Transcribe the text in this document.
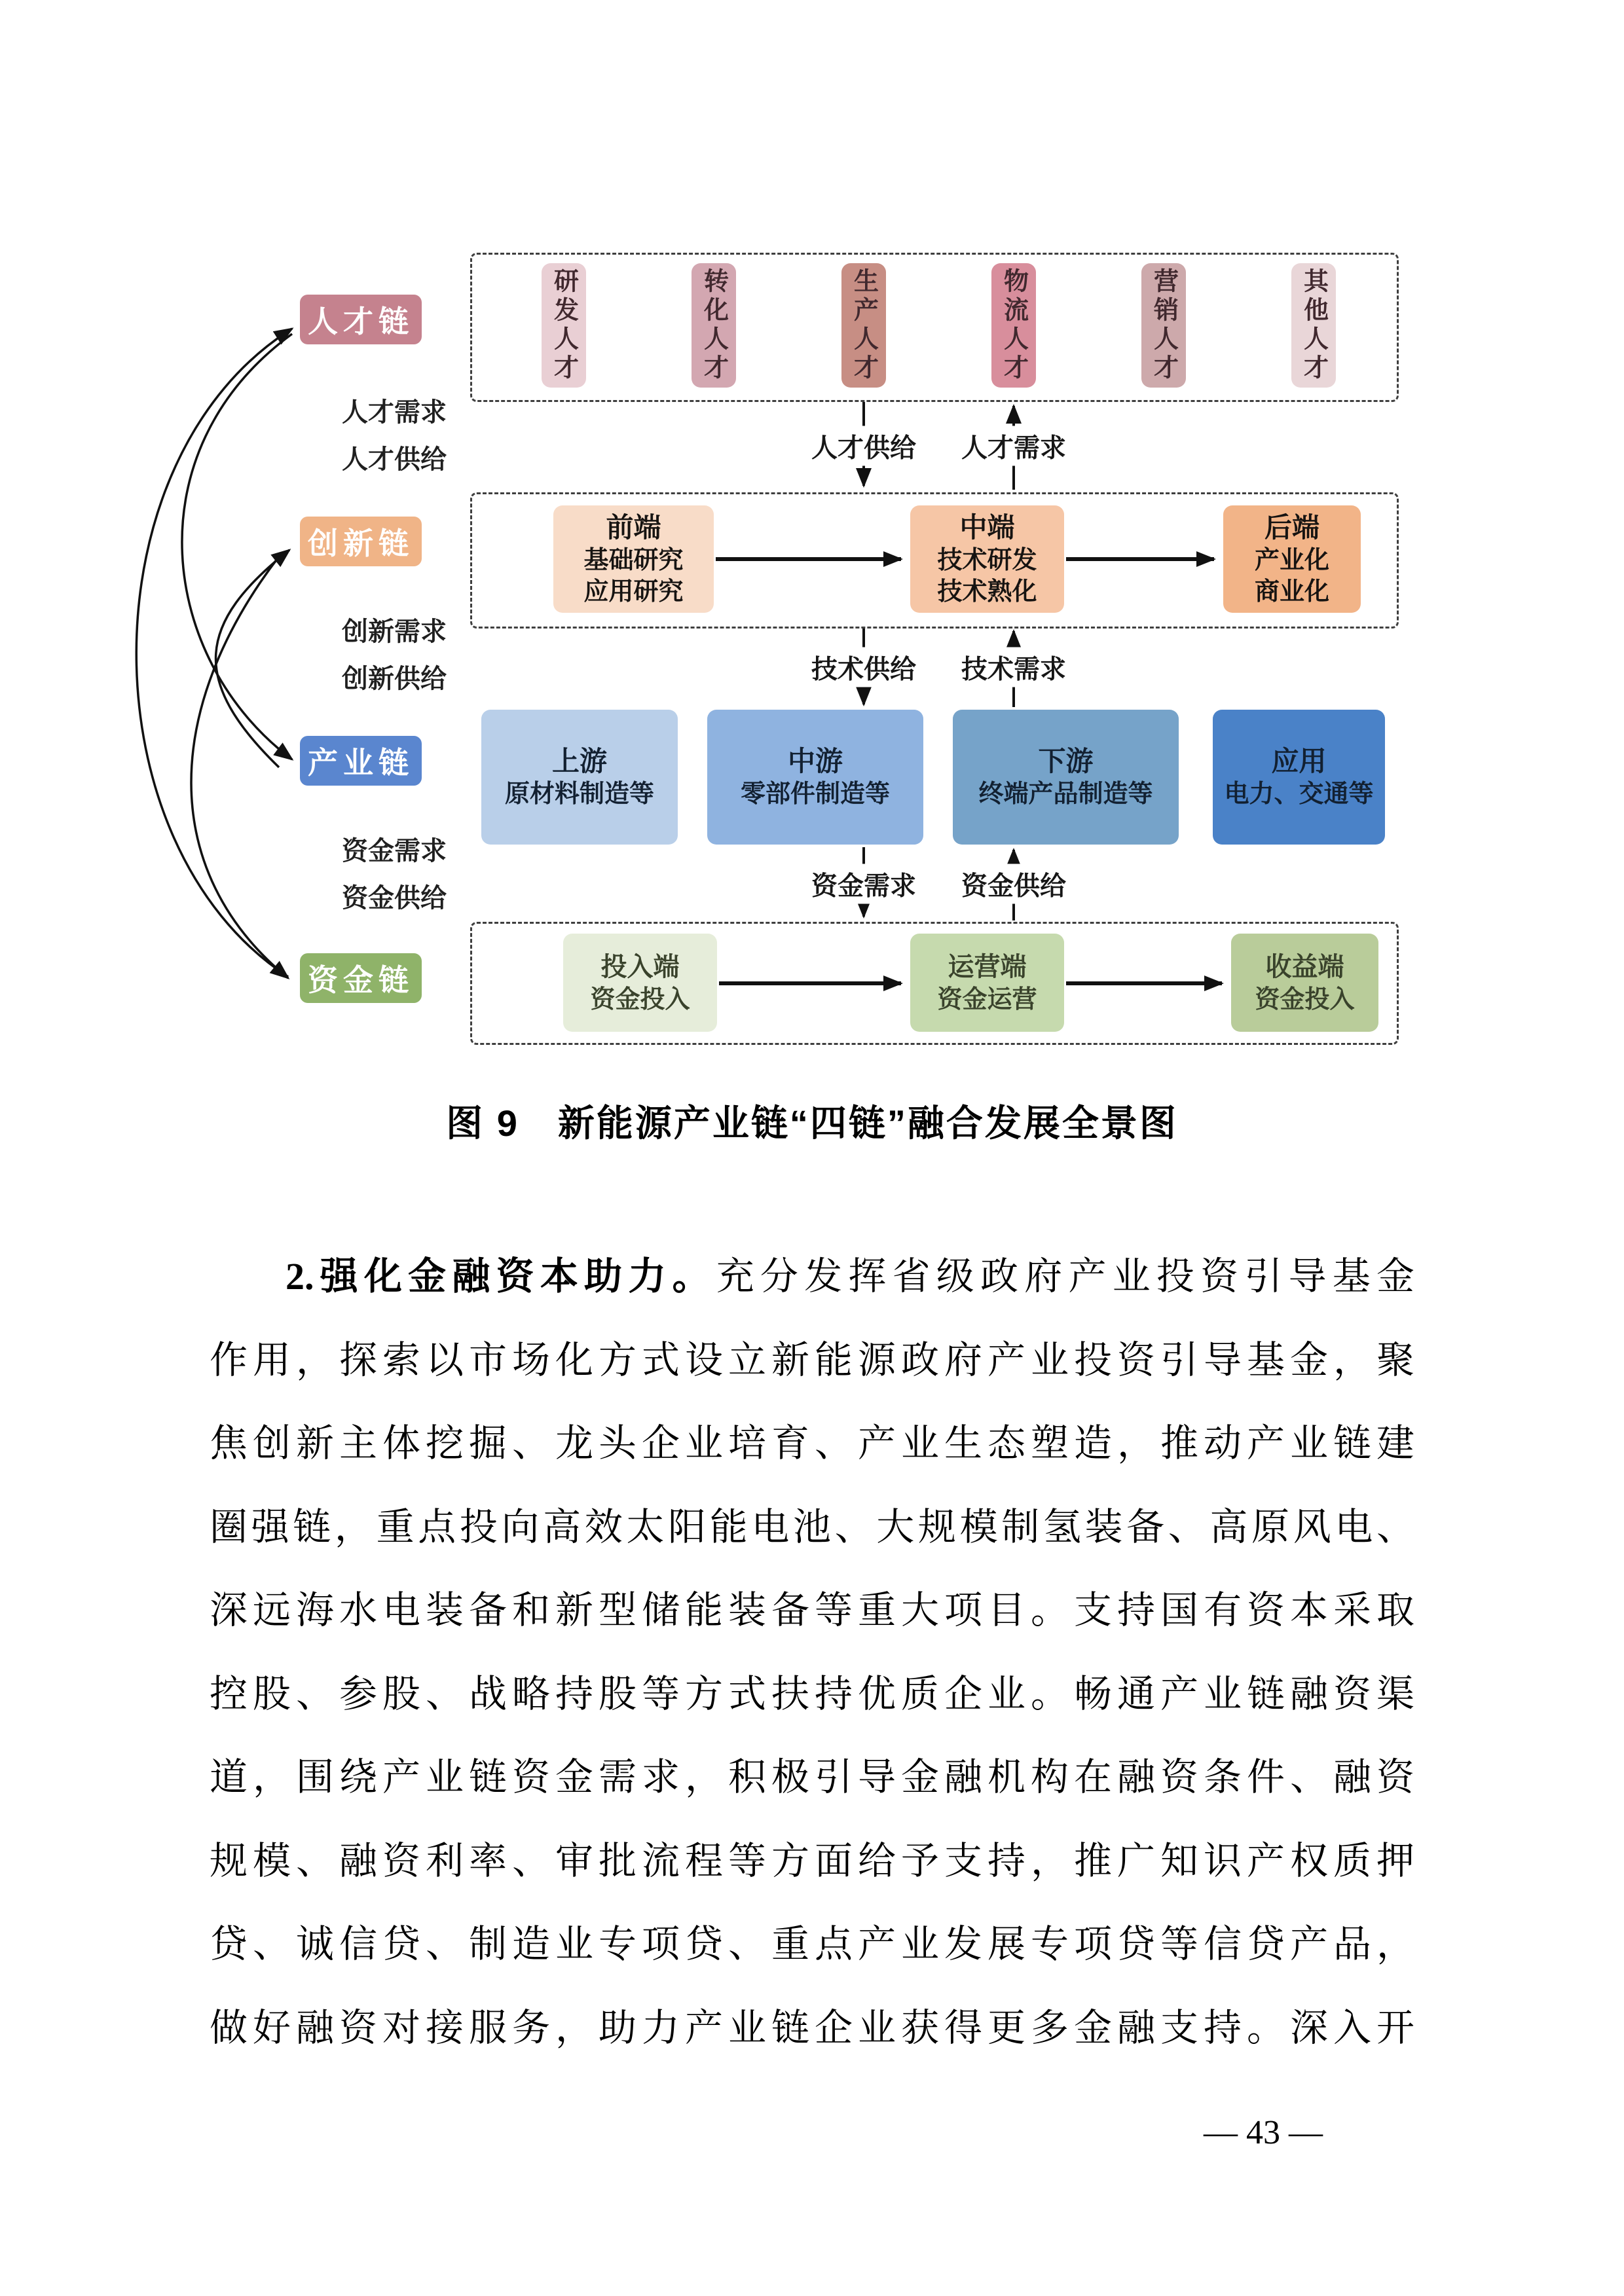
人才链
创新链
产业链
资金链
人才需求
人才供给
创新需求
创新供给
资金需求
资金供给
研发人才	转化人才	生产人才	物流人才	营销人才	其他人才
前端
基础研究
应用研究
中端
技术研发
技术熟化
后端
产业化
商业化
上游
原材料制造等
中游
零部件制造等
下游
终端产品制造等
应用
电力、交通等
投入端
资金投入
运营端
资金运营
收益端
资金投入
人才供给 人才需求
技术供给 技术需求
资金需求 资金供给
图 9　新能源产业链“四链”融合发展全景图
2.强化金融资本助力。充分发挥省级政府产业投资引导基金
作用，探索以市场化方式设立新能源政府产业投资引导基金，聚
焦创新主体挖掘、龙头企业培育、产业生态塑造，推动产业链建
圈强链，重点投向高效太阳能电池、大规模制氢装备、高原风电、
深远海水电装备和新型储能装备等重大项目。支持国有资本采取
控股、参股、战略持股等方式扶持优质企业。畅通产业链融资渠
道，围绕产业链资金需求，积极引导金融机构在融资条件、融资
规模、融资利率、审批流程等方面给予支持，推广知识产权质押
贷、诚信贷、制造业专项贷、重点产业发展专项贷等信贷产品，
做好融资对接服务，助力产业链企业获得更多金融支持。深入开
— 43 —
